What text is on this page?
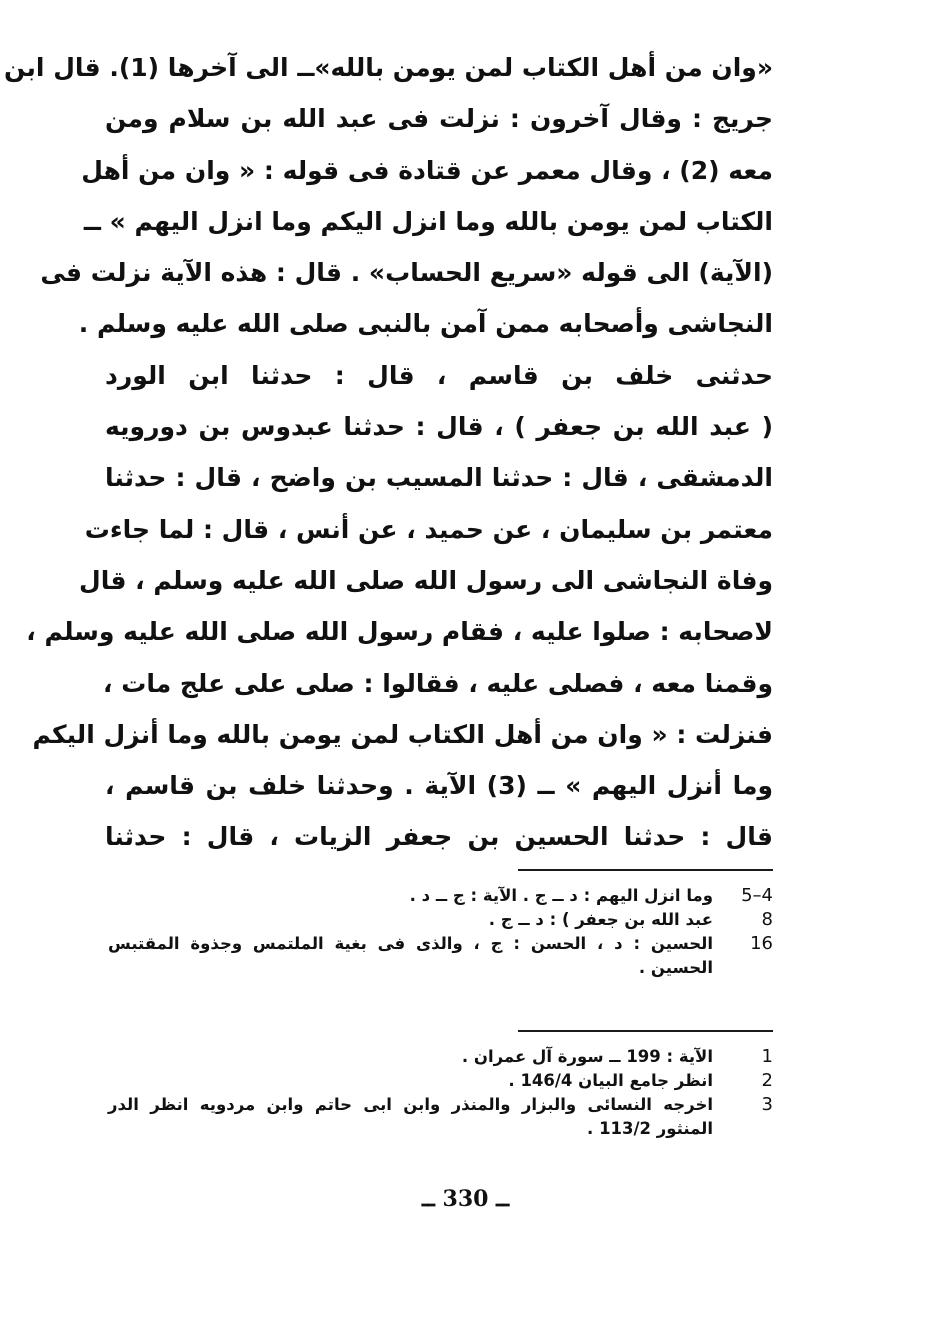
«وان من أهل الكتاب لمن يومن بالله»ــ الى آخرها (1). قال ابن
جريج : وقال آخرون : نزلت فى عبد الله بن سلام ومن
معه (2) ، وقال معمر عن قتادة فى قوله : « وان من أهل
الكتاب لمن يومن بالله وما انزل اليكم وما انزل اليهم » ــ
(الآية) الى قوله «سريع الحساب» . قال : هذه الآية نزلت فى
النجاشى وأصحابه ممن آمن بالنبى صلى الله عليه وسلم .
حدثنى خلف بن قاسم ، قال : حدثنا ابن الورد
( عبد الله بن جعفر ) ، قال : حدثنا عبدوس بن دورويه
الدمشقى ، قال : حدثنا المسيب بن واضح ، قال : حدثنا
معتمر بن سليمان ، عن حميد ، عن أنس ، قال : لما جاءت
وفاة النجاشى الى رسول الله صلى الله عليه وسلم ، قال
لاصحابه : صلوا عليه ، فقام رسول الله صلى الله عليه وسلم ،
وقمنا معه ، فصلى عليه ، فقالوا : صلى على علج مات ،
فنزلت : « وان من أهل الكتاب لمن يومن بالله وما أنزل اليكم
وما أنزل اليهم » ــ (3) الآية . وحدثنا خلف بن قاسم ،
قال : حدثنا الحسين بن جعفر الزيات ، قال : حدثنا
5–4
وما انزل اليهم : د ــ ج . الآية : ج ــ د .
8
عبد الله بن جعفر ) : د ــ ج .
16
الحسين : د ، الحسن : ج ، والذى فى بغية الملتمس وجذوة المقتبس الحسين .
1
الآية : 199 ــ سورة آل عمران .
2
انظر جامع البيان 146/4 .
3
اخرجه النسائى والبزار والمنذر وابن ابى حاتم وابن مردويه انظر الدر المنثور 113/2 .
ــ 330 ــ
